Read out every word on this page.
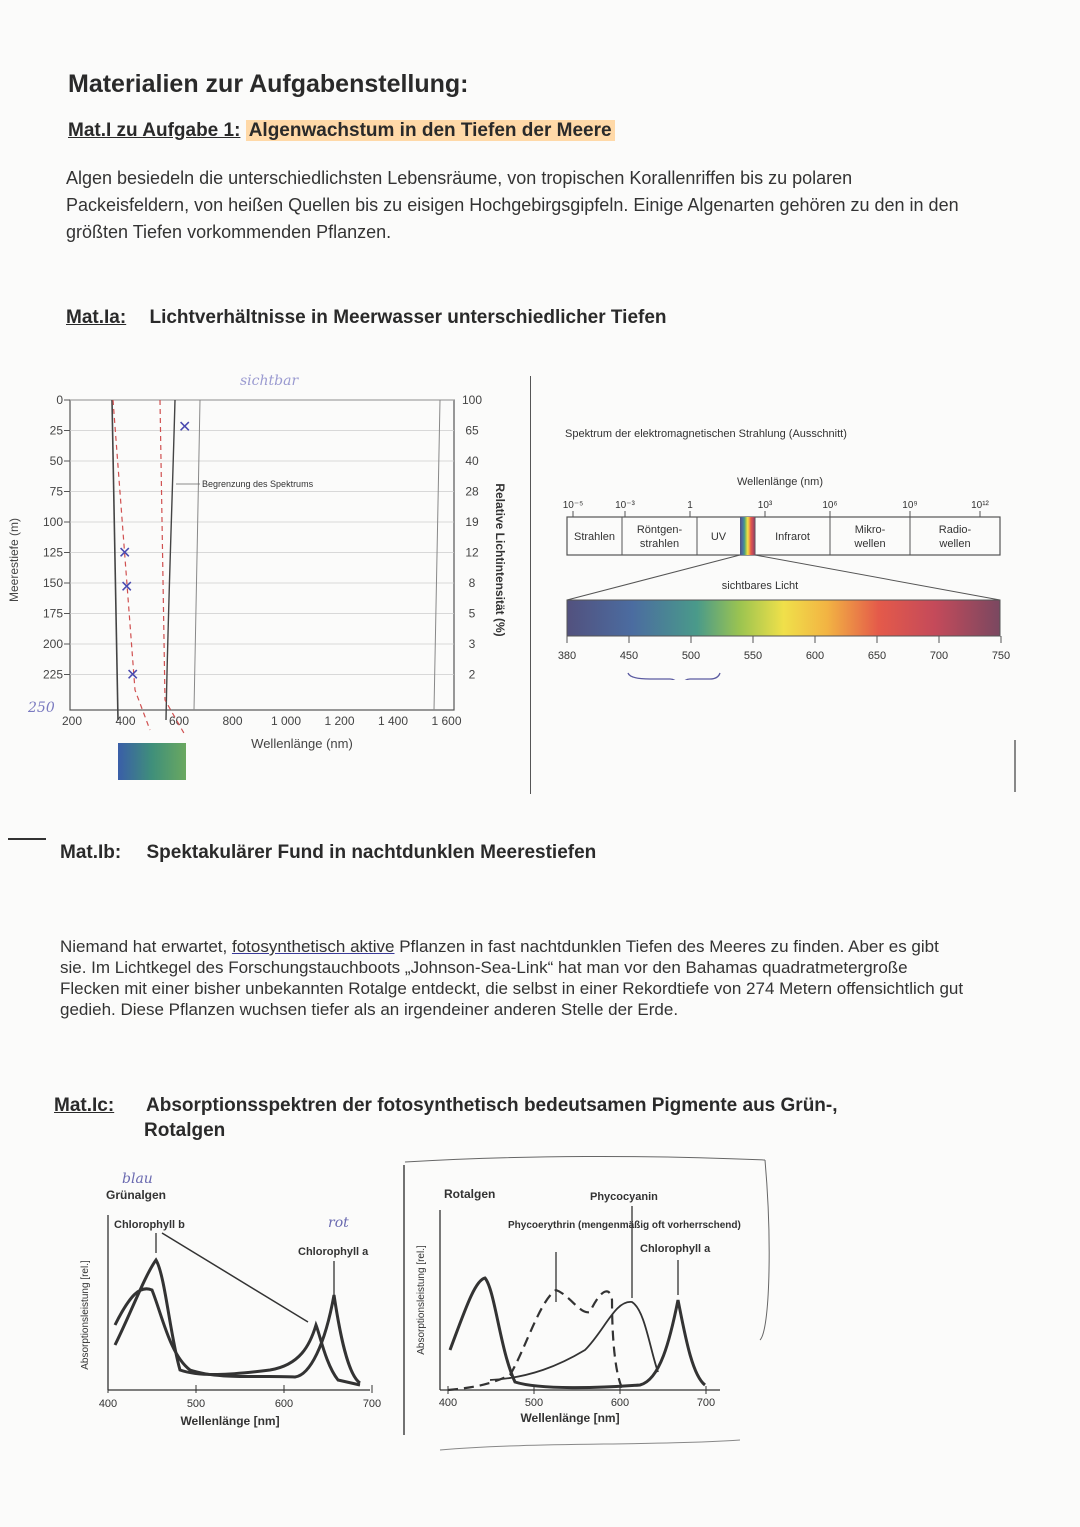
Materialien zur Aufgabenstellung:
Mat.I zu Aufgabe 1: Algenwachstum in den Tiefen der Meere
Algen besiedeln die unterschiedlichsten Lebensräume, von tropischen Korallenriffen bis zu polaren Packeisfeldern, von heißen Quellen bis zu eisigen Hochgebirgsgipfeln. Einige Algenarten gehören zu den in den größten Tiefen vorkommenden Pflanzen.
Mat.Ia: Lichtverhältnisse in Meerwasser unterschiedlicher Tiefen
Meerestiefe (m)
0
25
50
75
100
125
150
175
200
225
100
65
40
28
19
12
8
5
3
2
200	400	600	800 1 000 1 200 1 400 1 600
Begrenzung des Spektrums
✕
✕
✕
✕
250
sichtbar
Relative Lichtintensität (%)
Wellenlänge (nm)
Spektrum der elektromagnetischen Strahlung (Ausschnitt)
Wellenlänge (nm)
10⁻⁵	10⁻³	1	10³	10⁶	10⁹	10¹²
Strahlen
Röntgen-
strahlen
UV	Infrarot
Mikro-
wellen
Radio-
wellen
sichtbares Licht
380	450	500	550	600	650	700	750
Mat.Ib: Spektakulärer Fund in nachtdunklen Meerestiefen
Niemand hat erwartet, fotosynthetisch aktive Pflanzen in fast nachtdunklen Tiefen des Meeres zu finden. Aber es gibt sie. Im Lichtkegel des Forschungstauchboots „Johnson-Sea-Link“ hat man vor den Bahamas quadratmetergroße Flecken mit einer bisher unbekannten Rotalge entdeckt, die selbst in einer Rekordtiefe von 274 Metern offensichtlich gut gedieh. Diese Pflanzen wuchsen tiefer als an irgendeiner anderen Stelle der Erde.
Mat.Ic:	Absorptionsspektren der fotosynthetisch bedeutsamen Pigmente aus Grün-,
Rotalgen
blau
Grünalgen
Absorptionsleistung [rel.]
Chlorophyll b
Chlorophyll a
rot
400	500	600	700
Wellenlänge [nm]
Rotalgen	Phycocyanin
Phycoerythrin (mengenmäßig oft vorherrschend)
Chlorophyll a
Absorptionsleistung [rel.]
400	500	600	700
Wellenlänge [nm]
